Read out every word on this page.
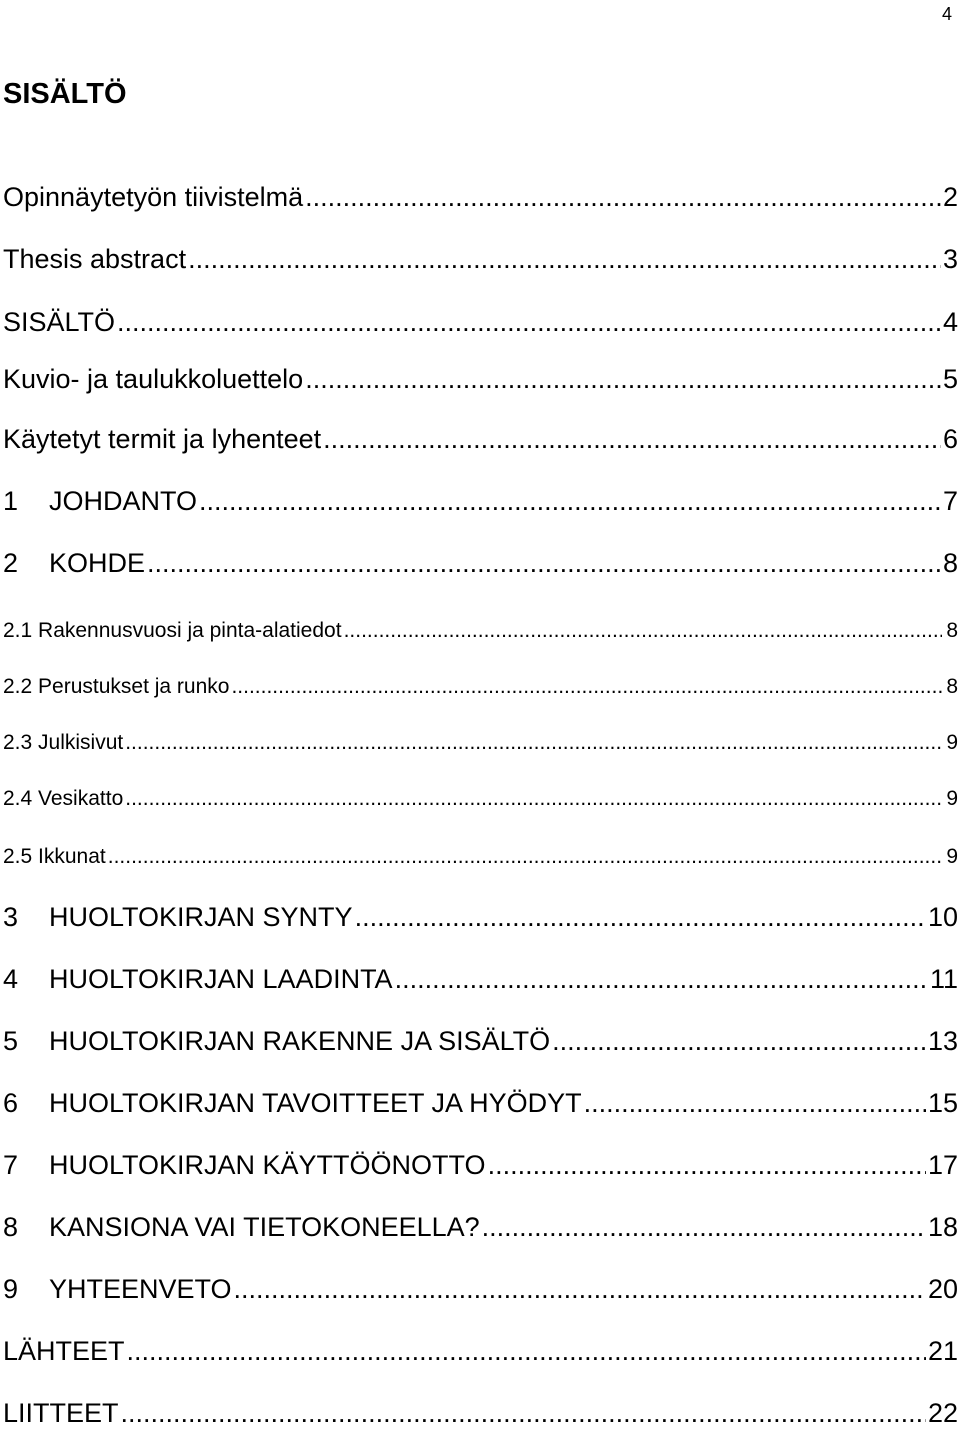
4
SISÄLTÖ
Opinnäytetyön tiivistelmä .....	2
Thesis abstract .....	3
SISÄLTÖ .....	4
Kuvio- ja taulukkoluettelo .....	5
Käytetyt termit ja lyhenteet .....	6
1	JOHDANTO .....	7
2	KOHDE .....	8
2.1 Rakennusvuosi ja pinta-alatiedot .....	8
2.2 Perustukset ja runko .....	8
2.3 Julkisivut .....	9
2.4 Vesikatto .....	9
2.5 Ikkunat .....	9
3	HUOLTOKIRJAN SYNTY .....	10
4	HUOLTOKIRJAN LAADINTA .....	11
5	HUOLTOKIRJAN RAKENNE JA SISÄLTÖ .....	13
6	HUOLTOKIRJAN TAVOITTEET JA HYÖDYT .....	15
7	HUOLTOKIRJAN KÄYTTÖÖNOTTO .....	17
8	KANSIONA VAI TIETOKONEELLA? .....	18
9	YHTEENVETO .....	20
LÄHTEET .....	21
LIITTEET .....	22
